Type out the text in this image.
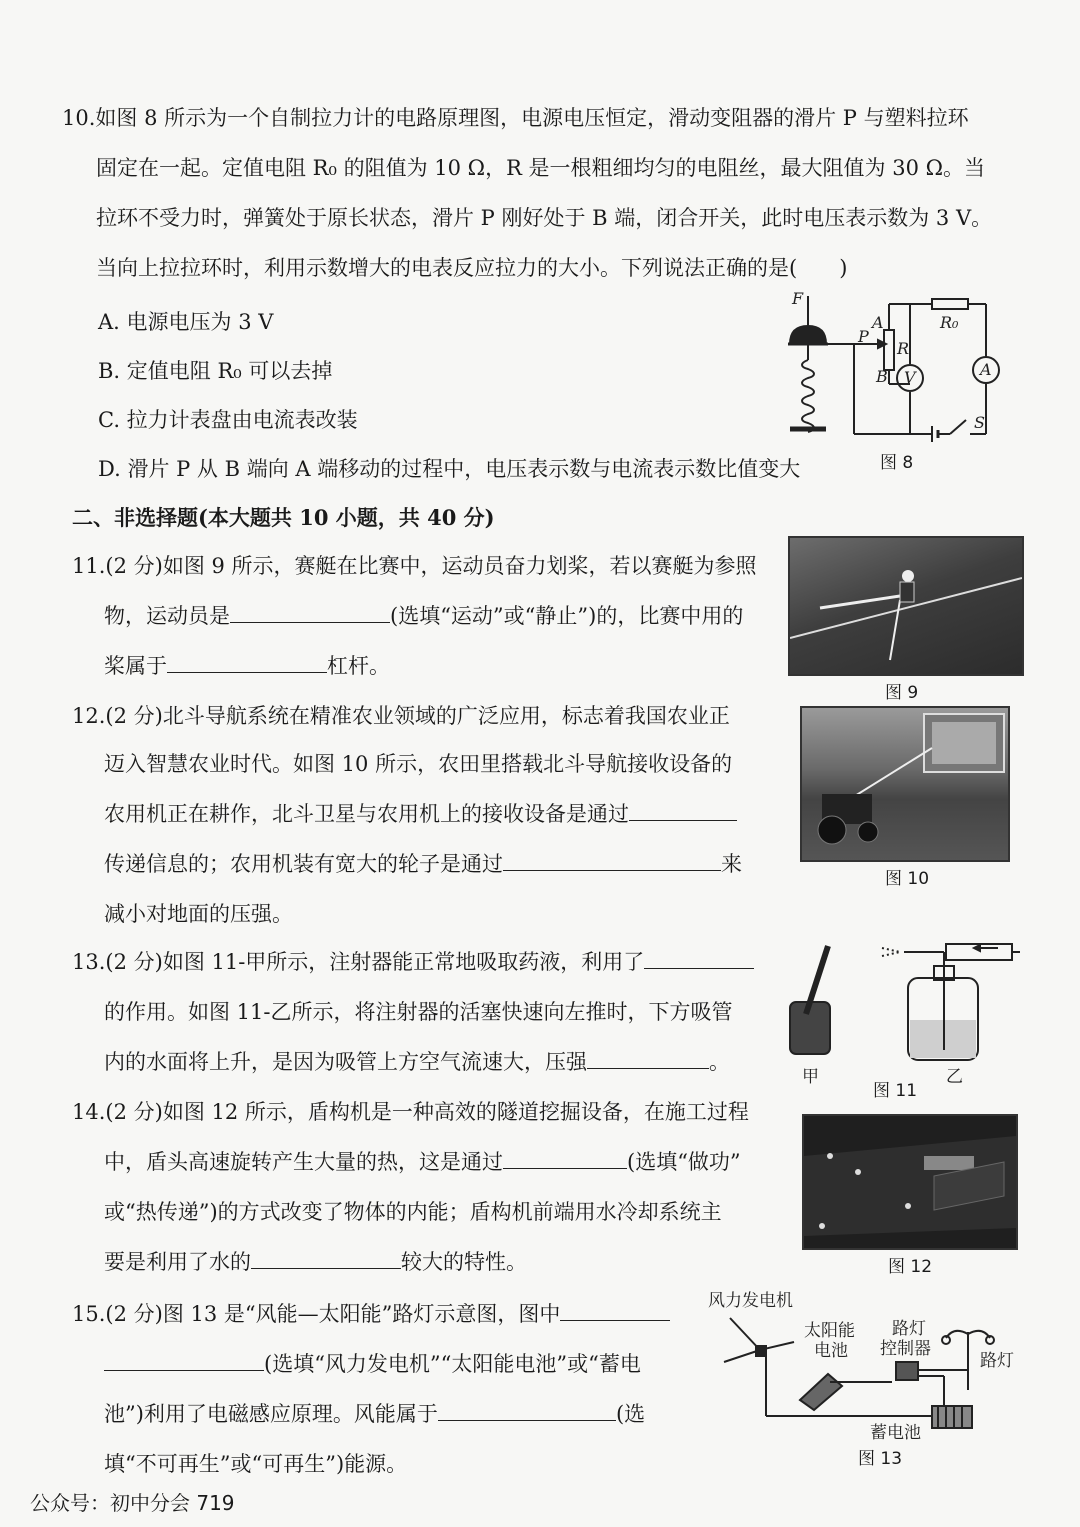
10.如图 8 所示为一个自制拉力计的电路原理图，电源电压恒定，滑动变阻器的滑片 P 与塑料拉环
固定在一起。定值电阻 R₀ 的阻值为 10 Ω，R 是一根粗细均匀的电阻丝，最大阻值为 30 Ω。当
拉环不受力时，弹簧处于原长状态，滑片 P 刚好处于 B 端，闭合开关，此时电压表示数为 3 V。
当向上拉拉环时，利用示数增大的电表反应拉力的大小。下列说法正确的是(　　)
A. 电源电压为 3 V
B. 定值电阻 R₀ 可以去掉
C. 拉力计表盘由电流表改装
D. 滑片 P 从 B 端向 A 端移动的过程中，电压表示数与电流表示数比值变大
F
P
A
B
R
R₀
V	A
S
图 8
二、非选择题(本大题共 10 小题，共 40 分)
11.(2 分)如图 9 所示，赛艇在比赛中，运动员奋力划桨，若以赛艇为参照
物，运动员是	(选填“运动”或“静止”)的，比赛中用的
桨属于	杠杆。
图 9
12.(2 分)北斗导航系统在精准农业领域的广泛应用，标志着我国农业正
迈入智慧农业时代。如图 10 所示，农田里搭载北斗导航接收设备的
农用机正在耕作，北斗卫星与农用机上的接收设备是通过
传递信息的；农用机装有宽大的轮子是通过	来
减小对地面的压强。
图 10
13.(2 分)如图 11-甲所示，注射器能正常地吸取药液，利用了
的作用。如图 11-乙所示，将注射器的活塞快速向左推时，下方吸管
内的水面将上升，是因为吸管上方空气流速大，压强	。
甲	乙
图 11
14.(2 分)如图 12 所示，盾构机是一种高效的隧道挖掘设备，在施工过程
中，盾头高速旋转产生大量的热，这是通过	(选填“做功”
或“热传递”)的方式改变了物体的内能；盾构机前端用水冷却系统主
要是利用了水的	较大的特性。	图 12
15.(2 分)图 13 是“风能—太阳能”路灯示意图，图中
(选填“风力发电机”“太阳能电池”或“蓄电
池”)利用了电磁感应原理。风能属于	(选
填“不可再生”或“可再生”)能源。
风力发电机
太阳能
电池
路灯
控制器
路灯
蓄电池
图 13
公众号：初中分会 719
